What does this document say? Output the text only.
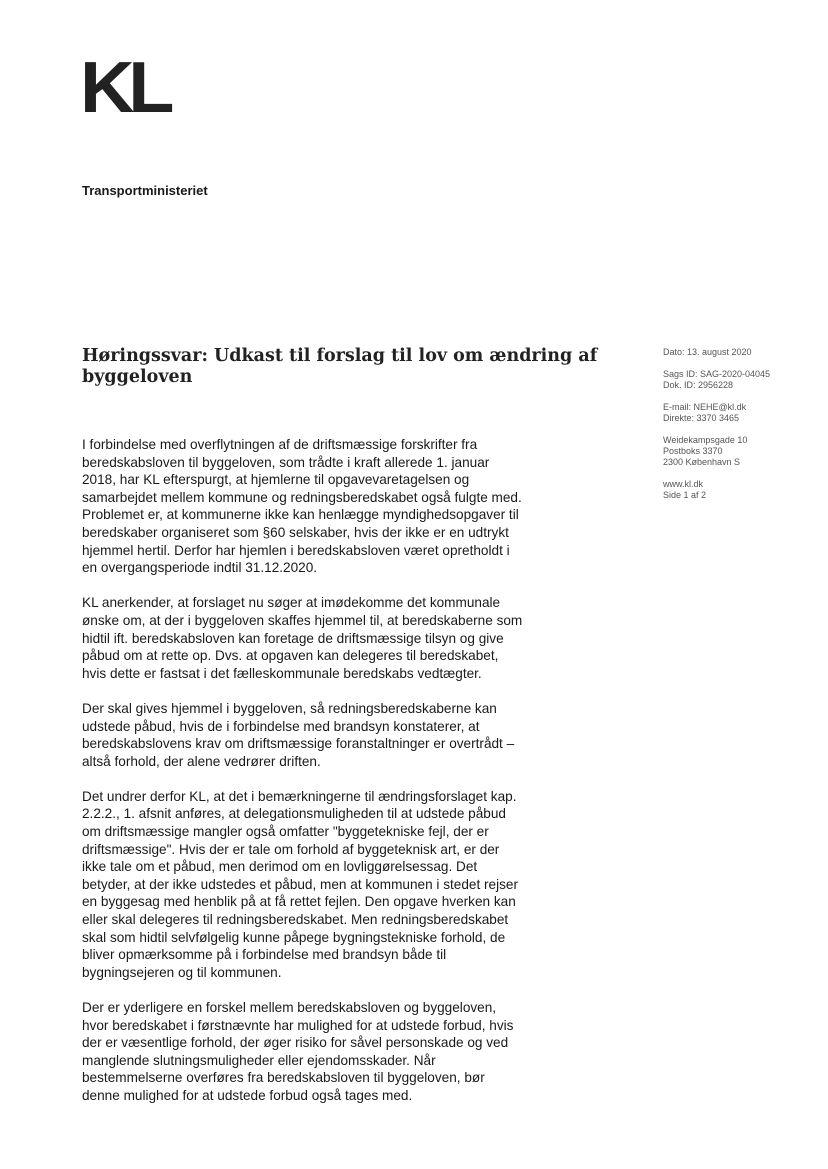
KL
Transportministeriet
Høringssvar: Udkast til forslag til lov om ændring af
byggeloven
Dato: 13. august 2020
Sags ID: SAG-2020-04045
Dok. ID: 2956228
E-mail: NEHE@kl.dk
Direkte: 3370 3465
Weidekampsgade 10
Postboks 3370
2300 København S
www.kl.dk
Side 1 af 2

I forbindelse med overflytningen af de driftsmæssige forskrifter fra
beredskabsloven til byggeloven, som trådte i kraft allerede 1. januar
2018, har KL efterspurgt, at hjemlerne til opgavevaretagelsen og
samarbejdet mellem kommune og redningsberedskabet også fulgte med.
Problemet er, at kommunerne ikke kan henlægge myndighedsopgaver til
beredskaber organiseret som §60 selskaber, hvis der ikke er en udtrykt
hjemmel hertil. Derfor har hjemlen i beredskabsloven været opretholdt i
en overgangsperiode indtil 31.12.2020.

KL anerkender, at forslaget nu søger at imødekomme det kommunale
ønske om, at der i byggeloven skaffes hjemmel til, at beredskaberne som
hidtil ift. beredskabsloven kan foretage de driftsmæssige tilsyn og give
påbud om at rette op. Dvs. at opgaven kan delegeres til beredskabet,
hvis dette er fastsat i det fælleskommunale beredskabs vedtægter.

Der skal gives hjemmel i byggeloven, så redningsberedskaberne kan
udstede påbud, hvis de i forbindelse med brandsyn konstaterer, at
beredskabslovens krav om driftsmæssige foranstaltninger er overtrådt –
altså forhold, der alene vedrører driften.

Det undrer derfor KL, at det i bemærkningerne til ændringsforslaget kap.
2.2.2., 1. afsnit anføres, at delegationsmuligheden til at udstede påbud
om driftsmæssige mangler også omfatter "byggetekniske fejl, der er
driftsmæssige". Hvis der er tale om forhold af byggeteknisk art, er der
ikke tale om et påbud, men derimod om en lovliggørelsessag. Det
betyder, at der ikke udstedes et påbud, men at kommunen i stedet rejser
en byggesag med henblik på at få rettet fejlen. Den opgave hverken kan
eller skal delegeres til redningsberedskabet. Men redningsberedskabet
skal som hidtil selvfølgelig kunne påpege bygningstekniske forhold, de
bliver opmærksomme på i forbindelse med brandsyn både til
bygningsejeren og til kommunen.

Der er yderligere en forskel mellem beredskabsloven og byggeloven,
hvor beredskabet i førstnævnte har mulighed for at udstede forbud, hvis
der er væsentlige forhold, der øger risiko for såvel personskade og ved
manglende slutningsmuligheder eller ejendomsskader. Når
bestemmelserne overføres fra beredskabsloven til byggeloven, bør
denne mulighed for at udstede forbud også tages med.
